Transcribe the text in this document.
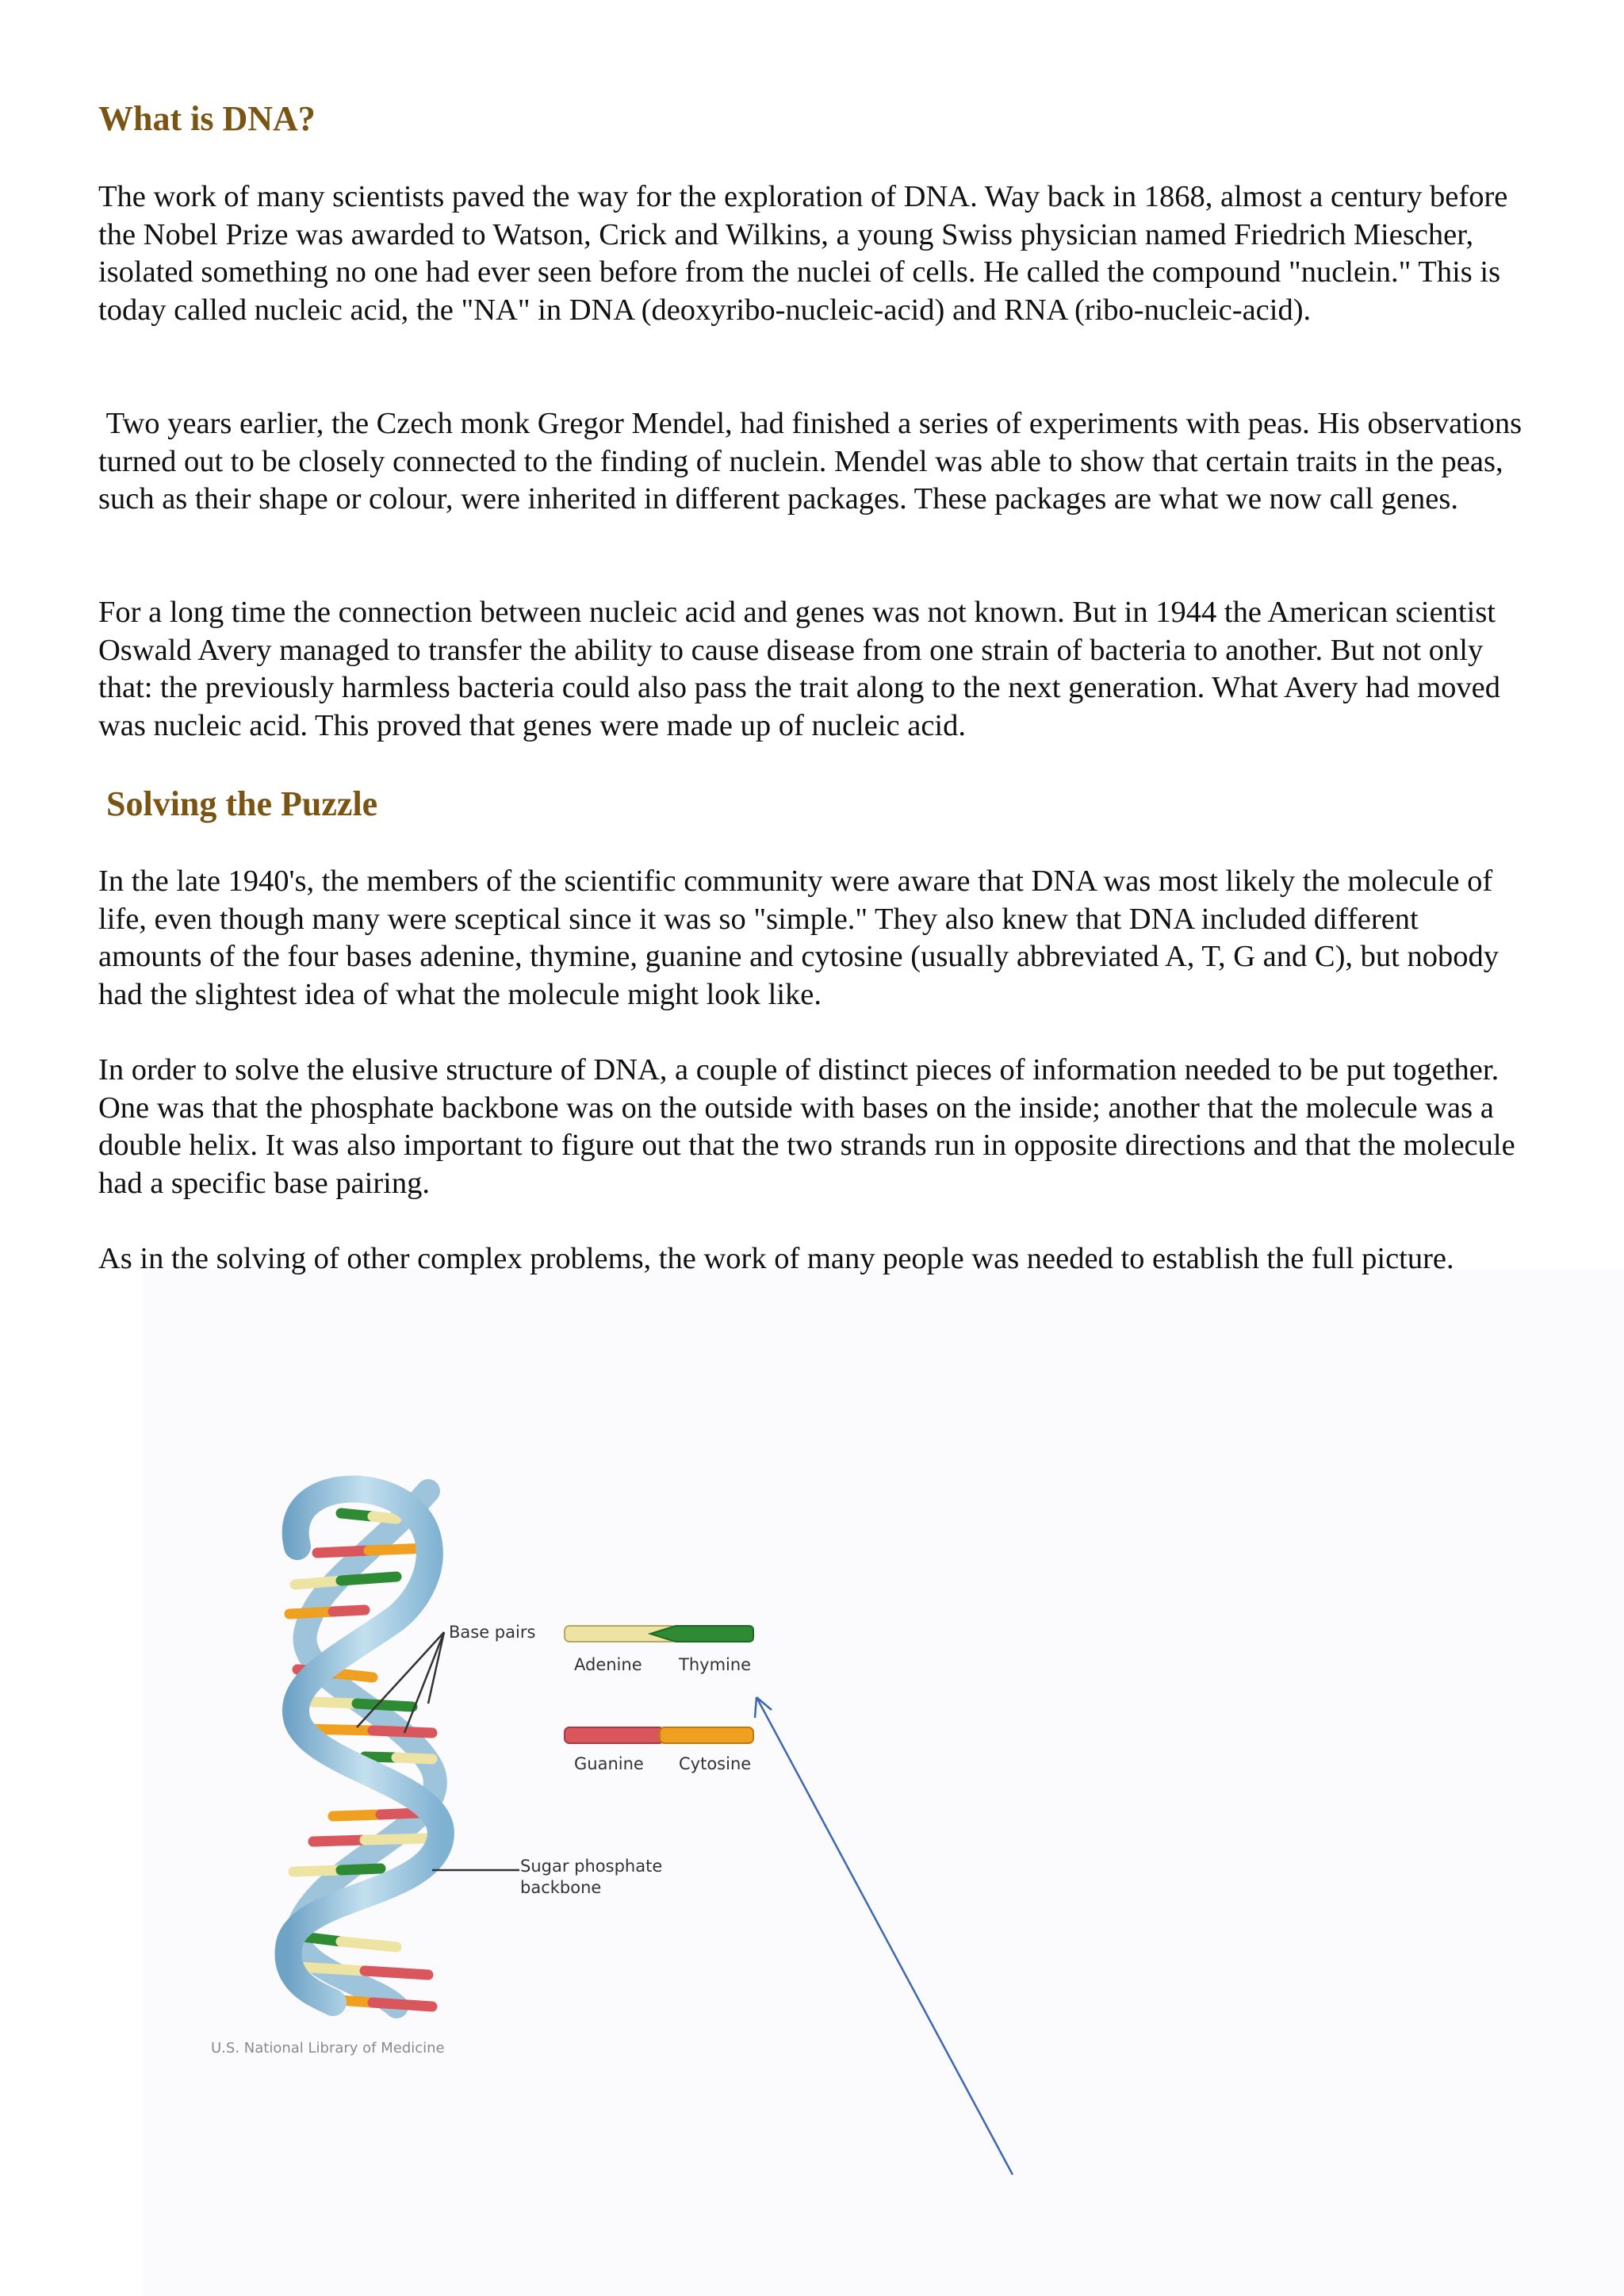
What is DNA?

The work of many scientists paved the way for the exploration of DNA. Way back in 1868, almost a century before the Nobel Prize was awarded to Watson, Crick and Wilkins, a young Swiss physician named Friedrich Miescher, isolated something no one had ever seen before from the nuclei of cells. He called the compound "nuclein." This is today called nucleic acid, the "NA" in DNA (deoxyribo-nucleic-acid) and RNA (ribo-nucleic-acid).

Two years earlier, the Czech monk Gregor Mendel, had finished a series of experiments with peas. His observations turned out to be closely connected to the finding of nuclein. Mendel was able to show that certain traits in the peas, such as their shape or colour, were inherited in different packages. These packages are what we now call genes.

For a long time the connection between nucleic acid and genes was not known. But in 1944 the American scientist Oswald Avery managed to transfer the ability to cause disease from one strain of bacteria to another. But not only that: the previously harmless bacteria could also pass the trait along to the next generation. What Avery had moved was nucleic acid. This proved that genes were made up of nucleic acid.

Solving the Puzzle

In the late 1940's, the members of the scientific community were aware that DNA was most likely the molecule of life, even though many were sceptical since it was so "simple." They also knew that DNA included different amounts of the four bases adenine, thymine, guanine and cytosine (usually abbreviated A, T, G and C), but nobody had the slightest idea of what the molecule might look like.

In order to solve the elusive structure of DNA, a couple of distinct pieces of information needed to be put together. One was that the phosphate backbone was on the outside with bases on the inside; another that the molecule was a double helix. It was also important to figure out that the two strands run in opposite directions and that the molecule had a specific base pairing.

As in the solving of other complex problems, the work of many people was needed to establish the full picture.

Base pairs
Adenine Thymine
Guanine Cytosine
Sugar phosphate
backbone
U.S. National Library of Medicine
